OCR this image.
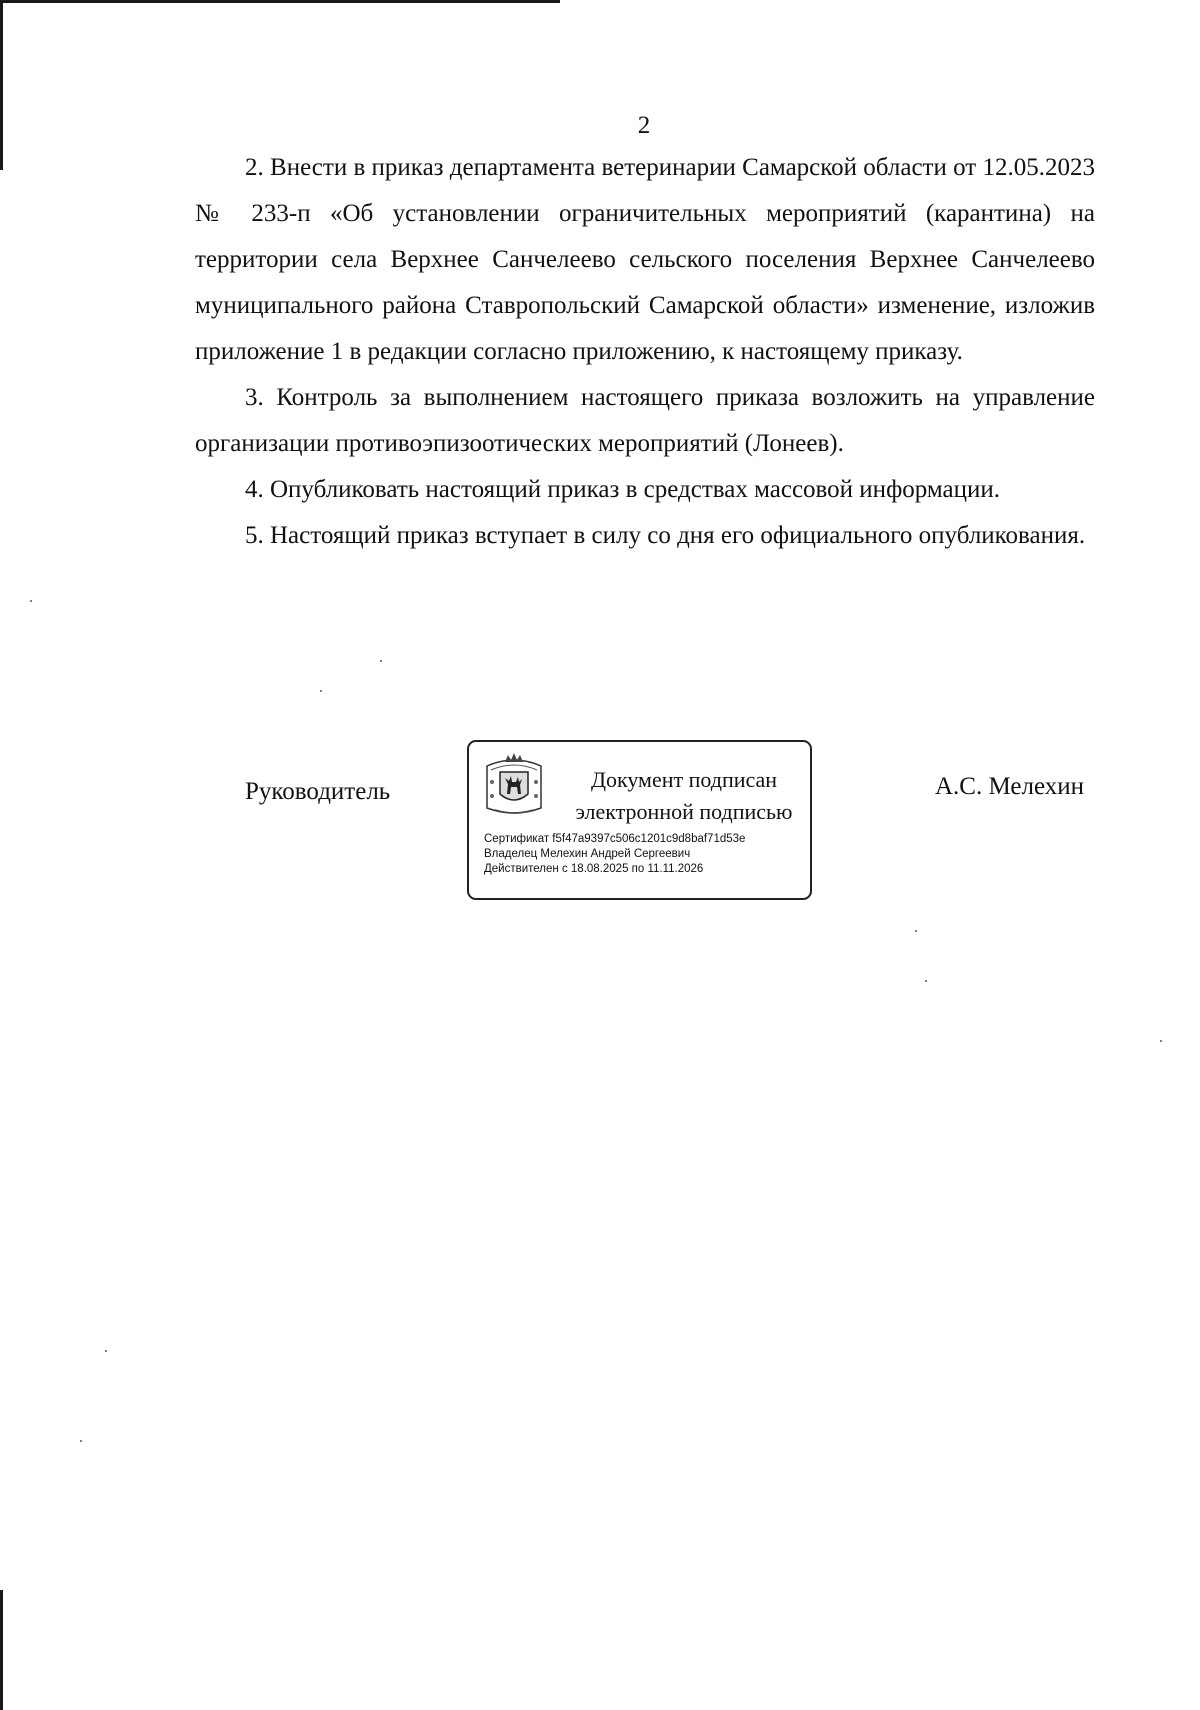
2

2. Внести в приказ департамента ветеринарии Самарской области от 12.05.2023 № 233-п «Об установлении ограничительных мероприятий (карантина) на территории села Верхнее Санчелеево сельского поселения Верхнее Санчелеево муниципального района Ставропольский Самарской области» изменение, изложив приложение 1 в редакции согласно приложению, к настоящему приказу.

3. Контроль за выполнением настоящего приказа возложить на управление организации противоэпизоотических мероприятий (Лонеев).

4. Опубликовать настоящий приказ в средствах массовой информации.

5. Настоящий приказ вступает в силу со дня его официального опубликования.

Руководитель	Документ подписан
электронной подписью
Сертификат f5f47a9397c506c1201c9d8baf71d53e
Владелец Мелехин Андрей Сергеевич
Действителен с 18.08.2025 по 11.11.2026
А.С. Мелехин
